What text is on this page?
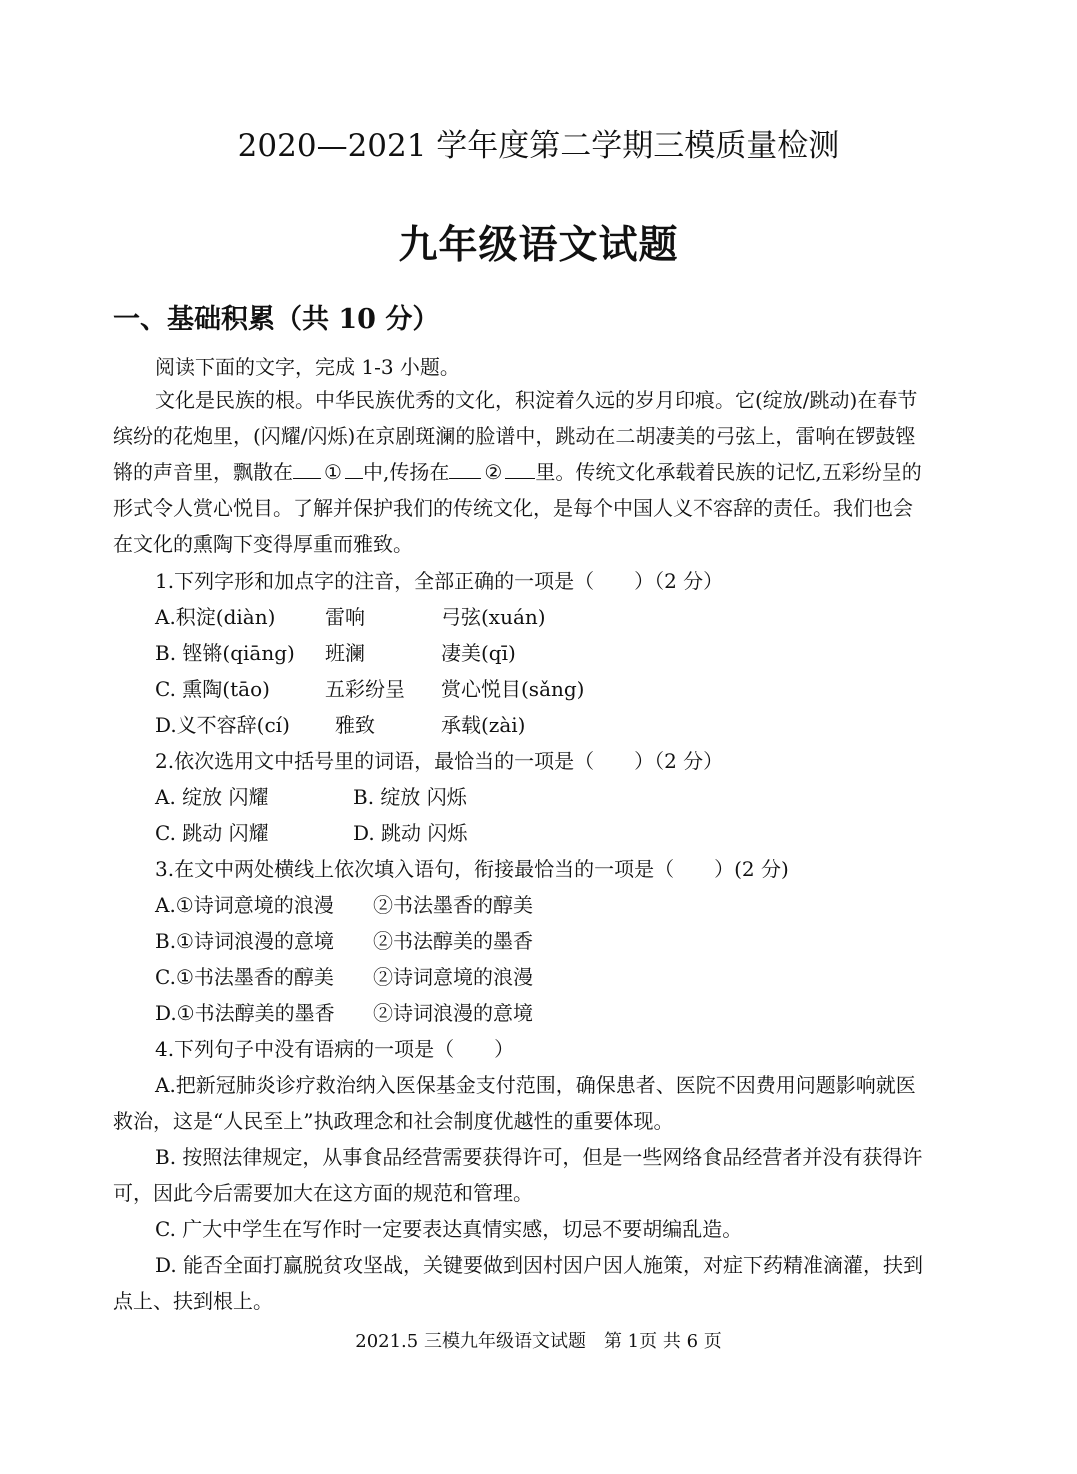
2020—2021 学年度第二学期三模质量检测
九年级语文试题
一、基础积累（共 10 分）
阅读下面的文字，完成 1-3 小题。
文化是民族的根。中华民族优秀的文化，积淀着久远的岁月印痕。它(绽放/跳动)在春节
缤纷的花炮里，(闪耀/闪烁)在京剧斑澜的脸谱中，跳动在二胡凄美的弓弦上，雷响在锣鼓铿
锵的声音里，飘散在 ① 中,传扬在 ② 里。传统文化承载着民族的记忆,五彩纷呈的
形式令人赏心悦目。了解并保护我们的传统文化，是每个中国人义不容辞的责任。我们也会
在文化的熏陶下变得厚重而雅致。
1.下列字形和加点字的注音，全部正确的一项是（　　）（2 分）
A.积淀(diàn) 雷响	弓弦(xuán)
B. 铿锵(qiāng) 班澜	凄美(qī)
C. 熏陶(tāo)	五彩纷呈 赏心悦目(sǎng)
D.义不容辞(cí) 雅致	承载(zài)
2.依次选用文中括号里的词语，最恰当的一项是（　　）（2 分）
A. 绽放 闪耀	B. 绽放 闪烁
C. 跳动 闪耀	D. 跳动 闪烁
3.在文中两处横线上依次填入语句，衔接最恰当的一项是（　　）(2 分)
A.①诗词意境的浪漫 ②书法墨香的醇美
B.①诗词浪漫的意境 ②书法醇美的墨香
C.①书法墨香的醇美 ②诗词意境的浪漫
D.①书法醇美的墨香 ②诗词浪漫的意境
4.下列句子中没有语病的一项是（　　）
A.把新冠肺炎诊疗救治纳入医保基金支付范围，确保患者、医院不因费用问题影响就医
救治，这是“人民至上”执政理念和社会制度优越性的重要体现。
B. 按照法律规定，从事食品经营需要获得许可，但是一些网络食品经营者并没有获得许
可，因此今后需要加大在这方面的规范和管理。
C. 广大中学生在写作时一定要表达真情实感，切忌不要胡编乱造。
D. 能否全面打赢脱贫攻坚战，关键要做到因村因户因人施策，对症下药精准滴灌，扶到
点上、扶到根上。
2021.5 三模九年级语文试题　第 1页 共 6 页
